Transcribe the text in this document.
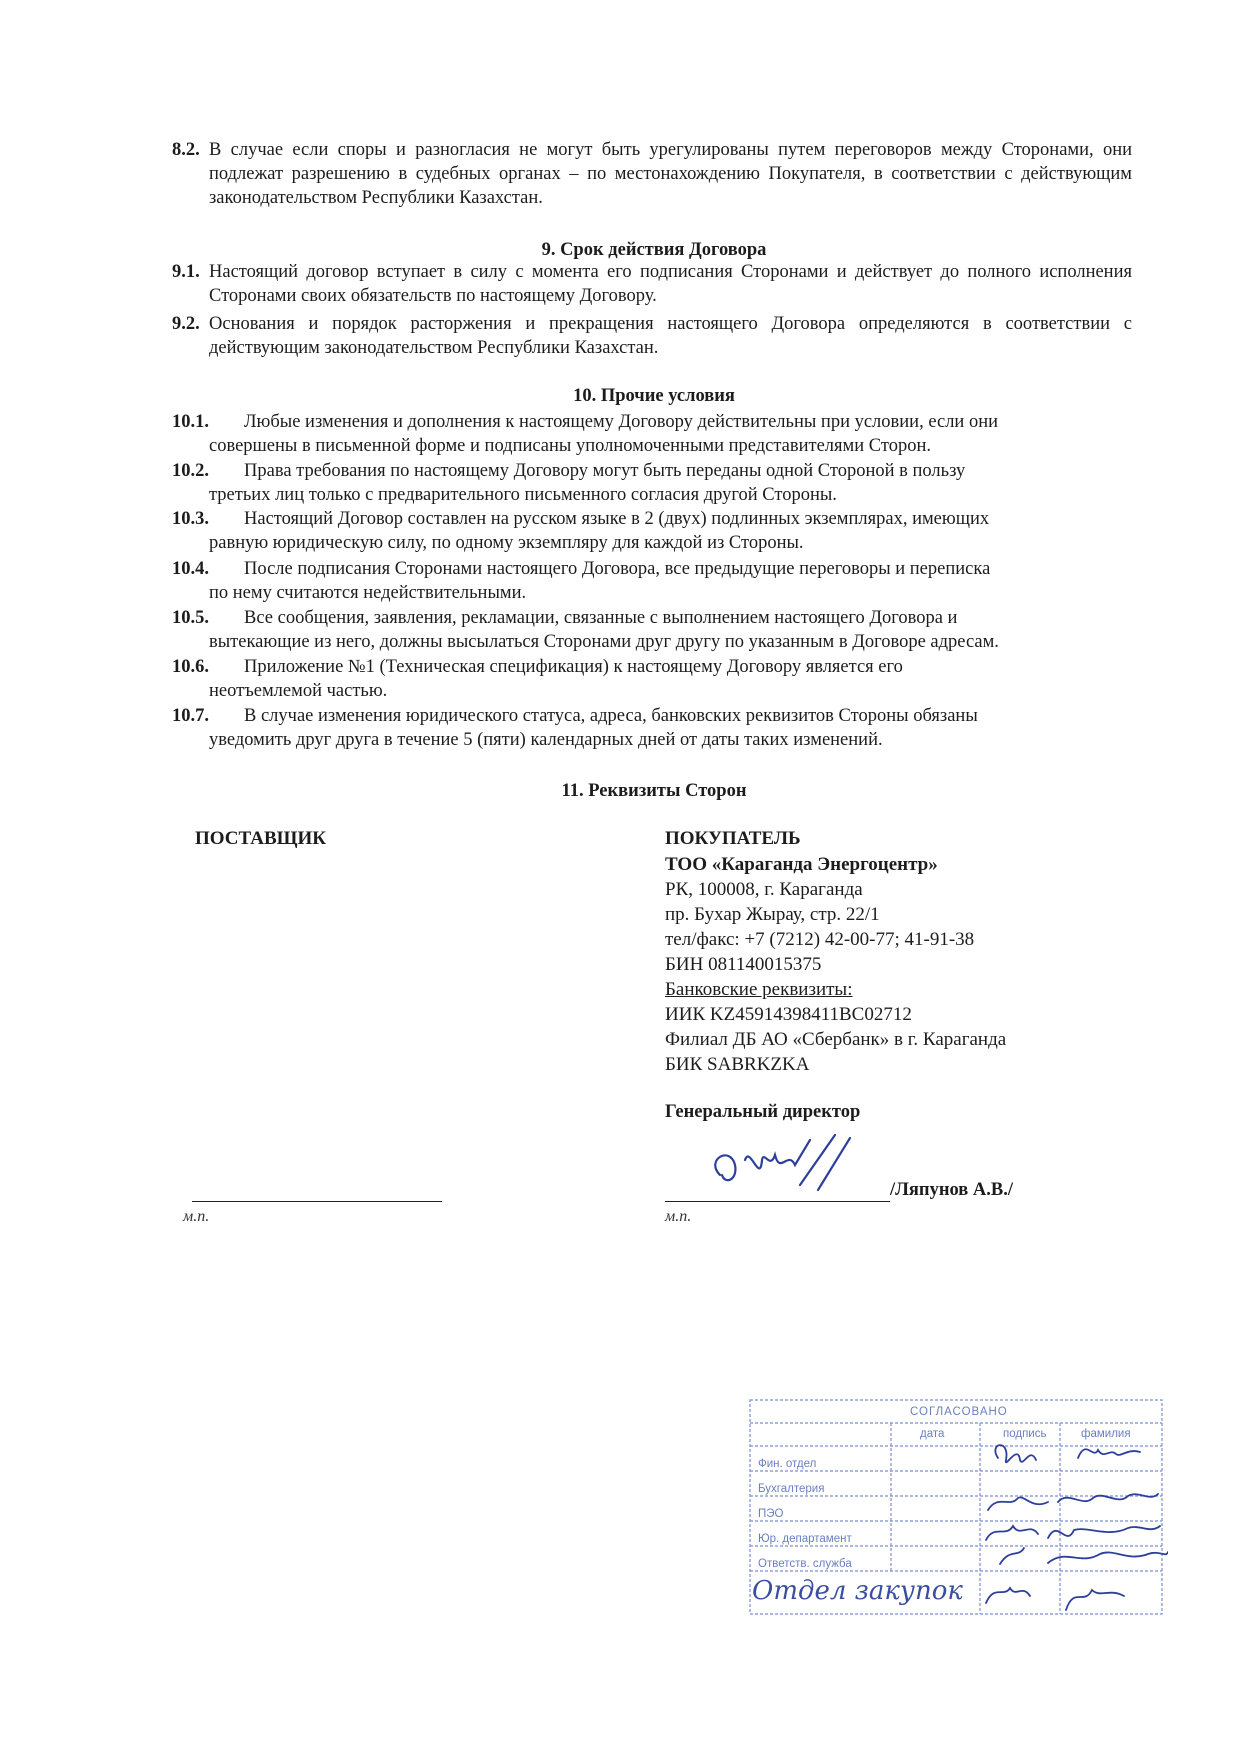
8.2. В случае если споры и разногласия не могут быть урегулированы путем переговоров между Сторонами, они подлежат разрешению в судебных органах – по местонахождению Покупателя, в соответствии с действующим законодательством Республики Казахстан.
9. Срок действия Договора
9.1. Настоящий договор вступает в силу с момента его подписания Сторонами и действует до полного исполнения Сторонами своих обязательств по настоящему Договору.
9.2. Основания и порядок расторжения и прекращения настоящего Договора определяются в соответствии с действующим законодательством Республики Казахстан.
10. Прочие условия
10.1. Любые изменения и дополнения к настоящему Договору действительны при условии, если они
совершены в письменной форме и подписаны уполномоченными представителями Сторон.
10.2. Права требования по настоящему Договору могут быть переданы одной Стороной в пользу
третьих лиц только с предварительного письменного согласия другой Стороны.
10.3. Настоящий Договор составлен на русском языке в 2 (двух) подлинных экземплярах, имеющих
равную юридическую силу, по одному экземпляру для каждой из Стороны.
10.4. После подписания Сторонами настоящего Договора, все предыдущие переговоры и переписка
по нему считаются недействительными.
10.5. Все сообщения, заявления, рекламации, связанные с выполнением настоящего Договора и
вытекающие из него, должны высылаться Сторонами друг другу по указанным в Договоре адресам.
10.6. Приложение №1 (Техническая спецификация) к настоящему Договору является его
неотъемлемой частью.
10.7. В случае изменения юридического статуса, адреса, банковских реквизитов Стороны обязаны
уведомить друг друга в течение 5 (пяти) календарных дней от даты таких изменений.
11. Реквизиты Сторон
ПОСТАВЩИК	ПОКУПАТЕЛЬ
ТОО «Караганда Энергоцентр»
РК, 100008, г. Караганда
пр. Бухар Жырау, стр. 22/1
тел/факс: +7 (7212) 42-00-77; 41-91-38
БИН 081140015375
Банковские реквизиты:
ИИК KZ45914398411BC02712
Филиал ДБ АО «Сбербанк» в г. Караганда
БИК SABRKZKA
Генеральный директор
/Ляпунов А.В./
м.п.	м.п.
СОГЛАСОВАНО
дата	подпись	фамилия
Фин. отдел
Бухгалтерия
ПЭО
Юр. департамент
Ответств. служба
Отдел закупок
